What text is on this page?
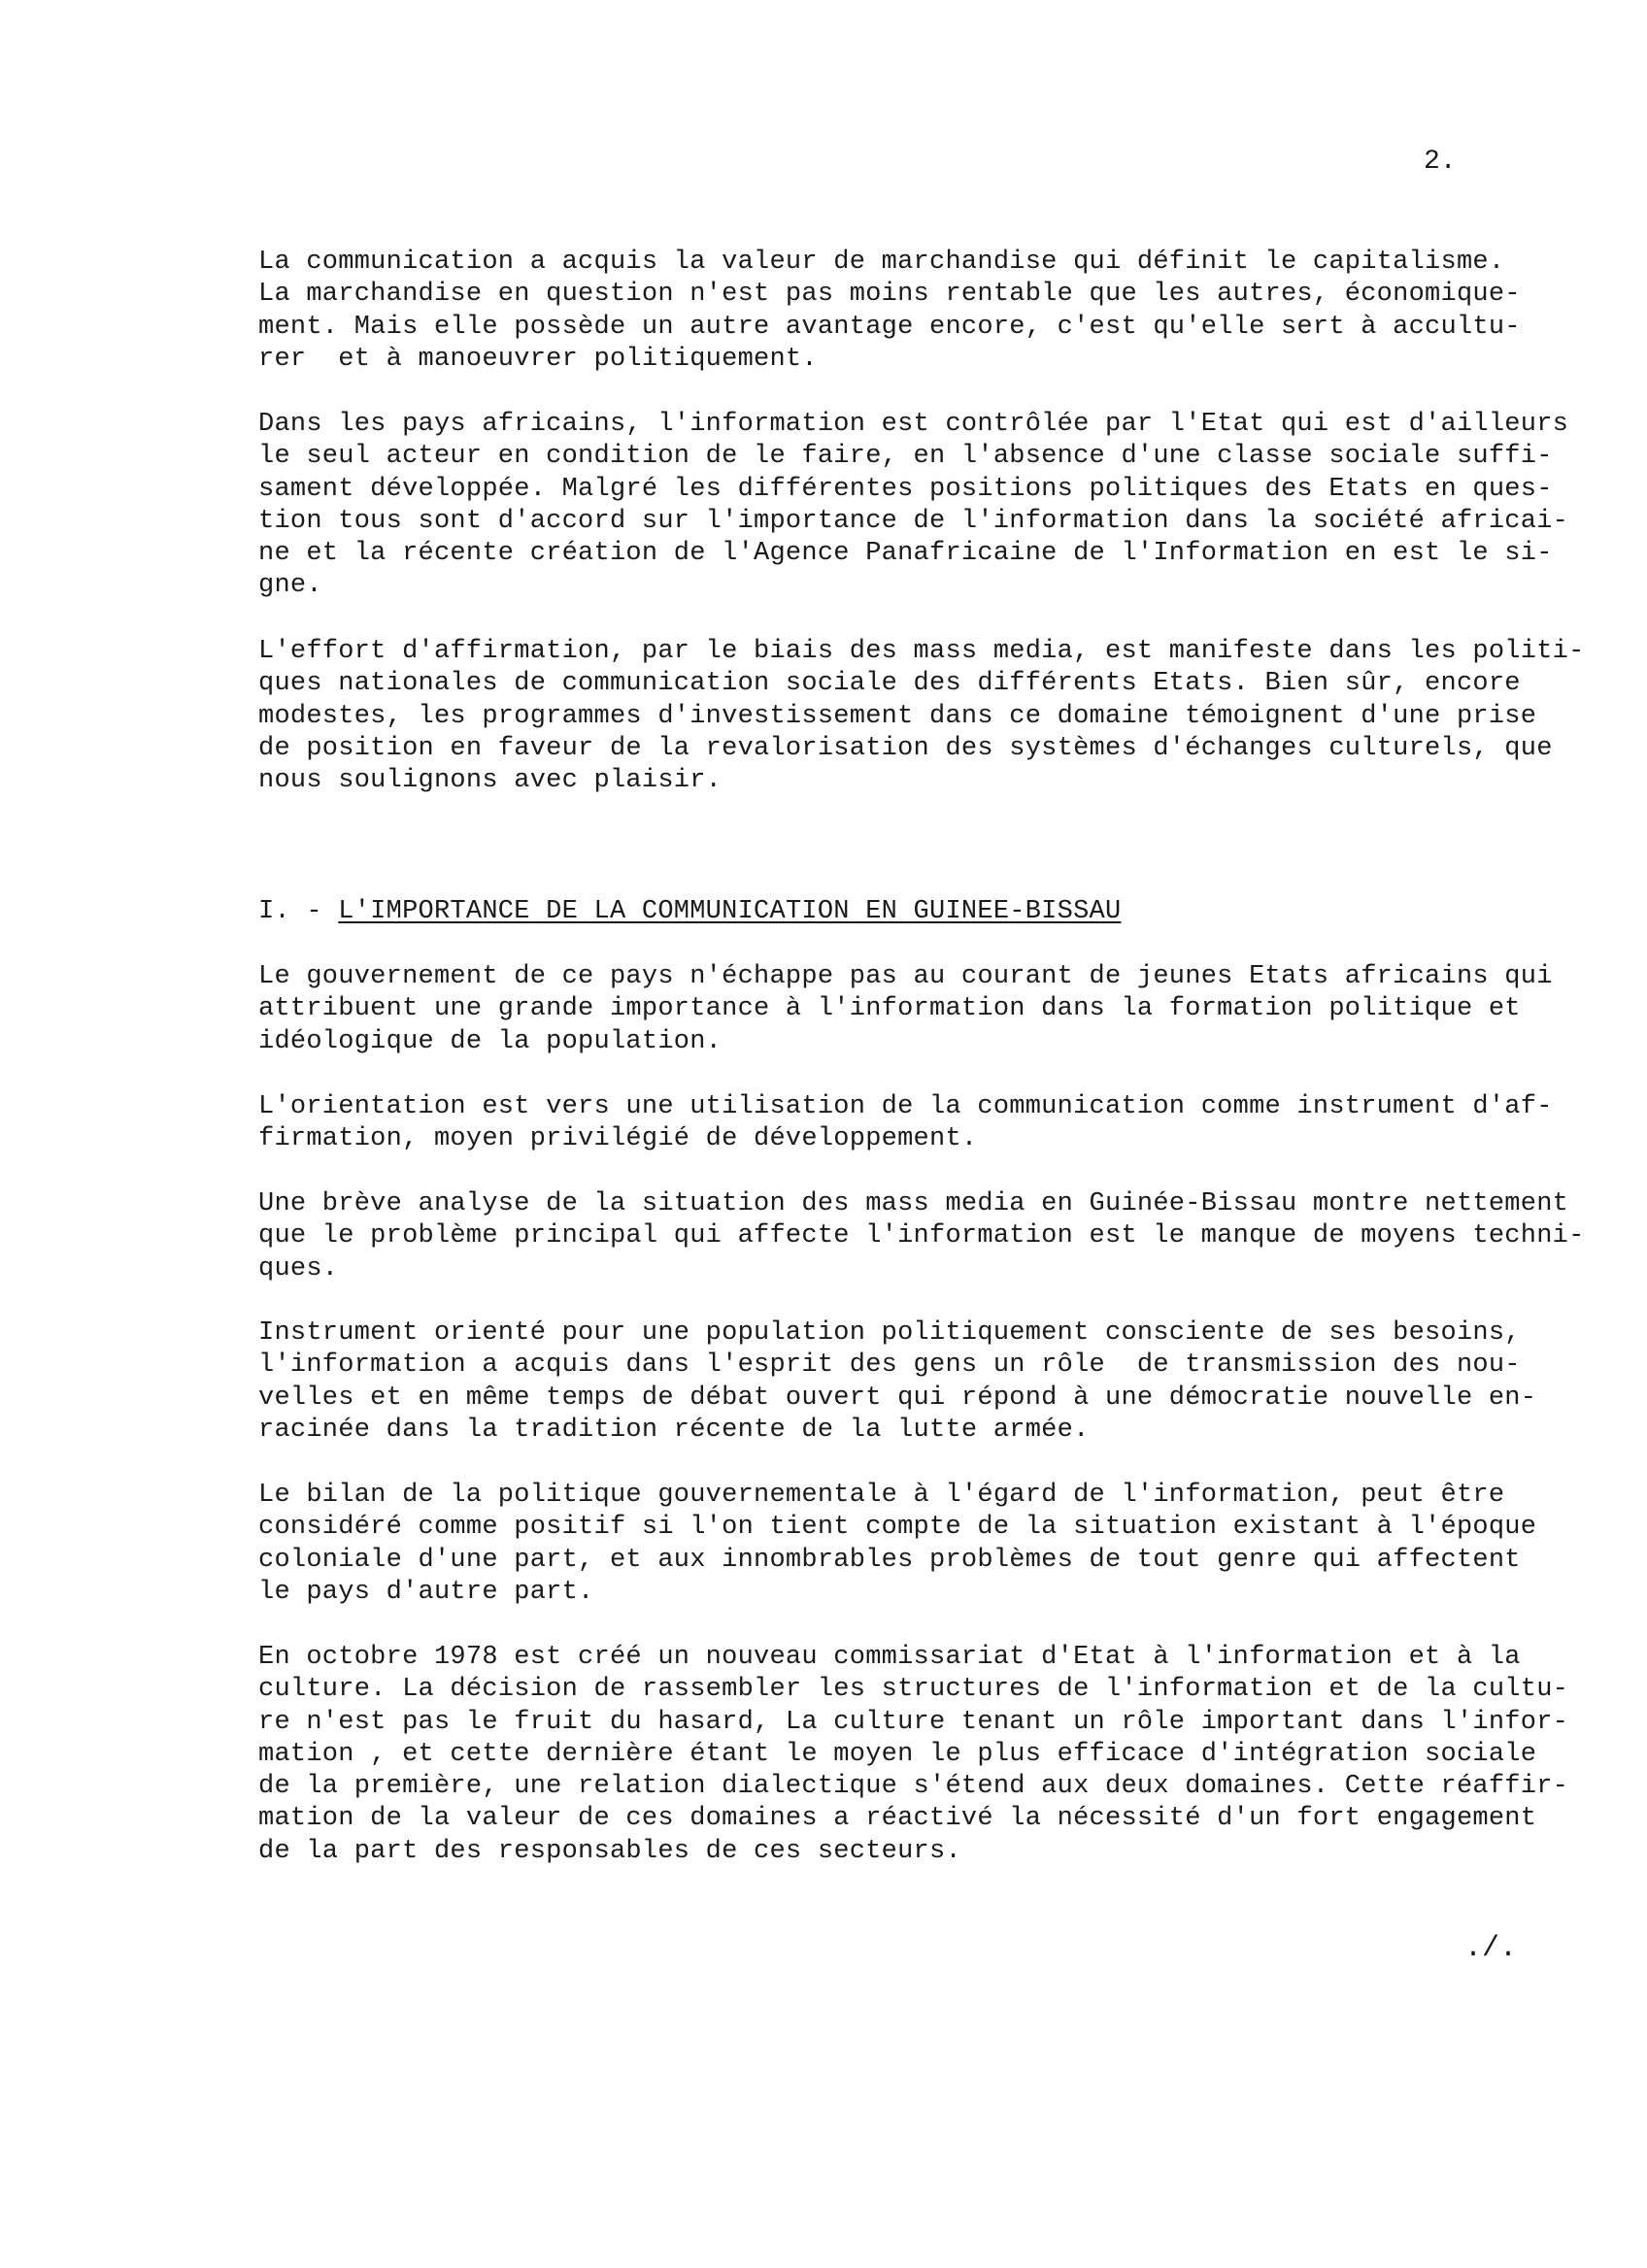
2.

La communication a acquis la valeur de marchandise qui définit le capitalisme.
La marchandise en question n'est pas moins rentable que les autres, économique-
ment. Mais elle possède un autre avantage encore, c'est qu'elle sert à accultu-
rer  et à manoeuvrer politiquement.

Dans les pays africains, l'information est contrôlée par l'Etat qui est d'ailleurs
le seul acteur en condition de le faire, en l'absence d'une classe sociale suffi-
sament développée. Malgré les différentes positions politiques des Etats en ques-
tion tous sont d'accord sur l'importance de l'information dans la société africai-
ne et la récente création de l'Agence Panafricaine de l'Information en est le si-
gne.

L'effort d'affirmation, par le biais des mass media, est manifeste dans les politi-
ques nationales de communication sociale des différents Etats. Bien sûr, encore
modestes, les programmes d'investissement dans ce domaine témoignent d'une prise
de position en faveur de la revalorisation des systèmes d'échanges culturels, que
nous soulignons avec plaisir.

I. - L'IMPORTANCE DE LA COMMUNICATION EN GUINEE-BISSAU

Le gouvernement de ce pays n'échappe pas au courant de jeunes Etats africains qui
attribuent une grande importance à l'information dans la formation politique et
idéologique de la population.

L'orientation est vers une utilisation de la communication comme instrument d'af-
firmation, moyen privilégié de développement.

Une brève analyse de la situation des mass media en Guinée-Bissau montre nettement
que le problème principal qui affecte l'information est le manque de moyens techni-
ques.

Instrument orienté pour une population politiquement consciente de ses besoins,
l'information a acquis dans l'esprit des gens un rôle  de transmission des nou-
velles et en même temps de débat ouvert qui répond à une démocratie nouvelle en-
racinée dans la tradition récente de la lutte armée.

Le bilan de la politique gouvernementale à l'égard de l'information, peut être
considéré comme positif si l'on tient compte de la situation existant à l'époque
coloniale d'une part, et aux innombrables problèmes de tout genre qui affectent
le pays d'autre part.

En octobre 1978 est créé un nouveau commissariat d'Etat à l'information et à la
culture. La décision de rassembler les structures de l'information et de la cultu-
re n'est pas le fruit du hasard, La culture tenant un rôle important dans l'infor-
mation , et cette dernière étant le moyen le plus efficace d'intégration sociale
de la première, une relation dialectique s'étend aux deux domaines. Cette réaffir-
mation de la valeur de ces domaines a réactivé la nécessité d'un fort engagement
de la part des responsables de ces secteurs.

./.
